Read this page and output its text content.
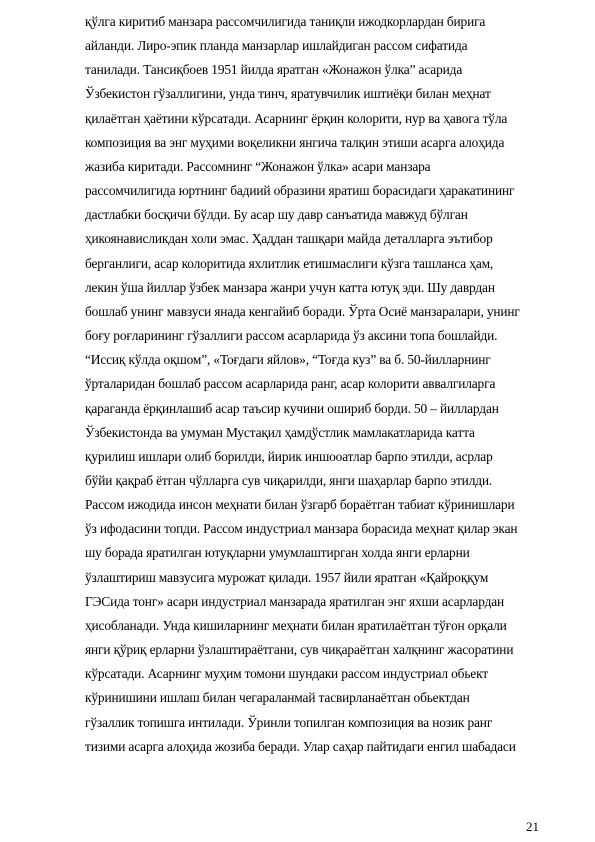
қўлга киритиб манзара рассомчилигида таниқли ижодкорлардан бирига
айланди. Лиро-эпик планда манзарлар ишлайдиган рассом сифатида
танилади. Тансиқбоев 1951 йилда яратган «Жонажон ўлка” асарида
Ўзбекистон гўзаллигини, унда тинч, яратувчилик иштиёқи билан меҳнат
қилаётган ҳаётини кўрсатади. Асарнинг ёрқин колорити, нур ва ҳавога тўла
композиция ва энг муҳими воқеликни янгича талқин этиши асарга алоҳида
жазиба киритади. Рассомнинг “Жонажон ўлка» асари манзара
рассомчилигида юртнинг бадиий образини яратиш борасидаги ҳаракатининг
дастлабки босқичи бўлди. Бу асар шу давр санъатида мавжуд бўлган
ҳикоянависликдан холи эмас. Ҳаддан ташқари майда деталларга эътибор
берганлиги, асар колоритида яхлитлик етишмаслиги кўзга ташланса ҳам,
лекин ўша йиллар ўзбек манзара жанри учун катта ютуқ эди. Шу даврдан
бошлаб унинг мавзуси янада кенгайиб боради. Ўрта Осиё манзаралари, унинг
боғу роғларининг гўзаллиги рассом асарларида ўз аксини топа бошлайди.
“Иссиқ кўлда оқшом”, «Тоғдаги яйлов», “Тоғда куз” ва б. 50-йилларнинг
ўрталаридан бошлаб рассом асарларида ранг, асар колорити аввалгиларга
қараганда ёрқинлашиб асар таъсир кучини ошириб борди. 50 – йиллардан
Ўзбекистонда ва умуман Мустақил ҳамдўстлик мамлакатларида катта
қурилиш ишлари олиб борилди, йирик иншооатлар барпо этилди, асрлар
бўйи қақраб ётган чўлларга сув чиқарилди, янги шаҳарлар барпо этилди.
Рассом ижодида инсон меҳнати билан ўзгарб бораётган табиат кўринишлари
ўз ифодасини топди. Рассом индустриал манзара борасида меҳнат қилар экан
шу борада яратилган ютуқларни умумлаштирган холда янги ерларни
ўзлаштириш мавзусига мурожат қилади. 1957 йили яратган «Қайроққум
ГЭСида тонг» асари индустриал манзарада яратилган энг яхши асарлардан
ҳисобланади. Унда кишиларнинг меҳнати билан яратилаётган тўғон орқали
янги қўриқ ерларни ўзлаштираётгани, сув чиқараётган халқнинг жасоратини
кўрсатади. Асарнинг муҳим томони шундаки рассом индустриал обьект
кўринишини ишлаш билан чегараланмай тасвирланаётган обьектдан
гўзаллик топишга интилади. Ўринли топилган композиция ва нозик ранг
тизими асарга алоҳида жозиба беради. Улар саҳар пайтидаги енгил шабадаси
21
